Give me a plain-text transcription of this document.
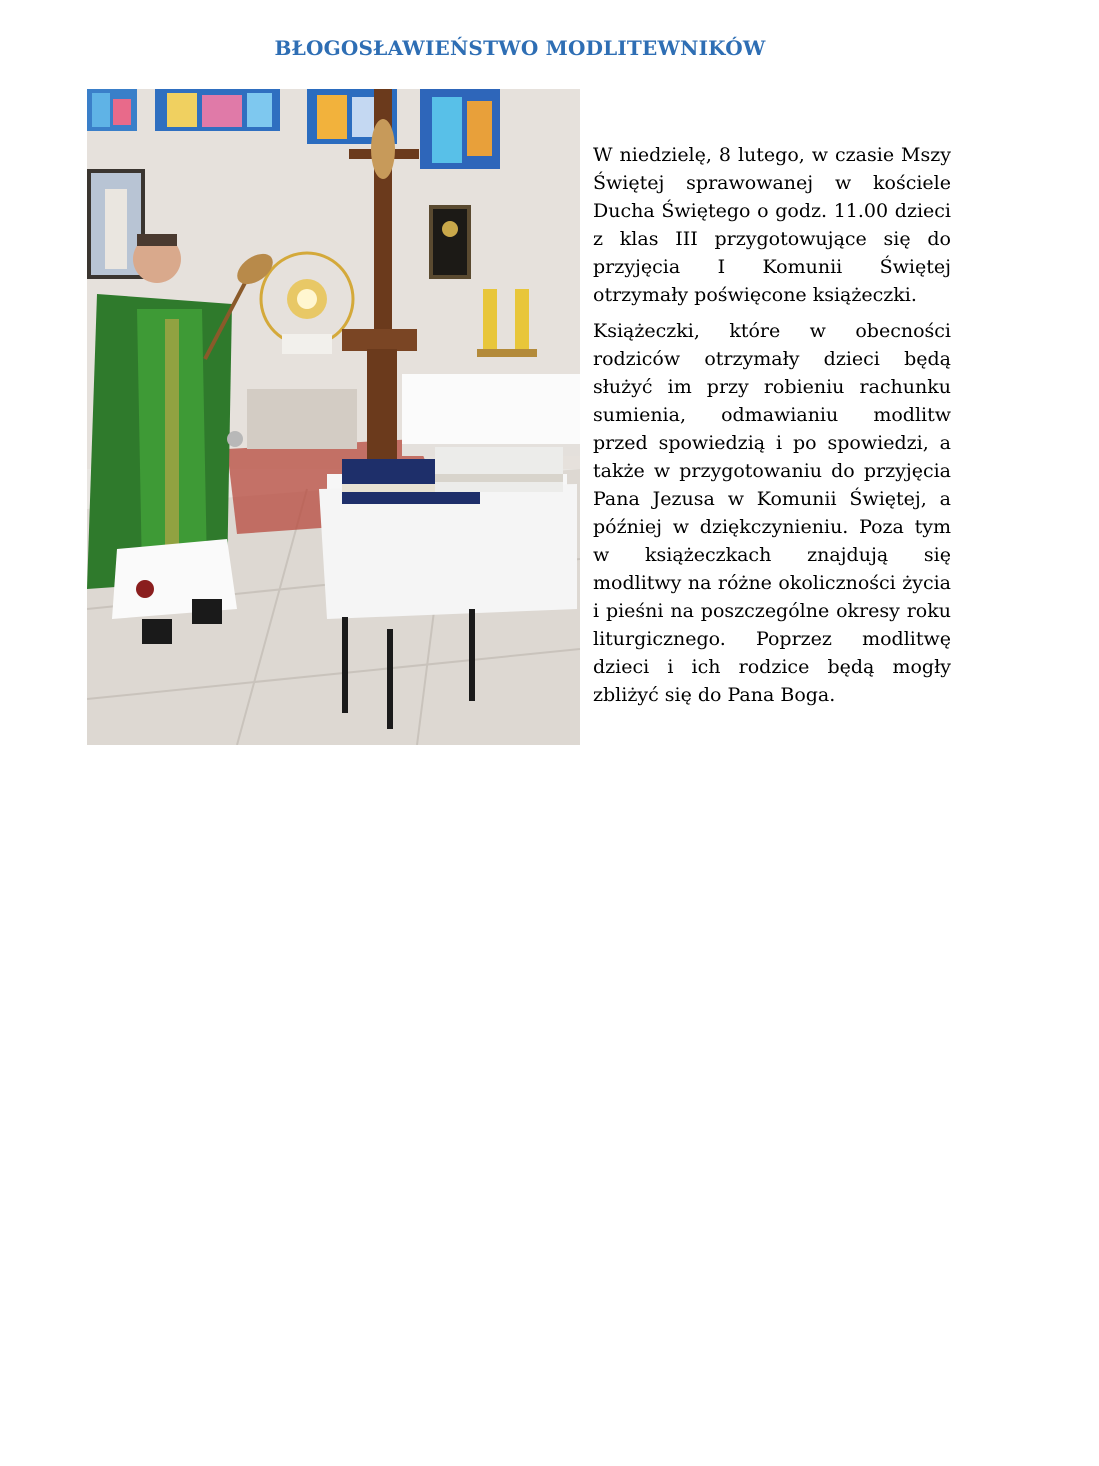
BŁOGOSŁAWIEŃSTWO MODLITEWNIKÓW

W niedzielę, 8 lutego, w czasie Mszy Świętej sprawowanej w kościele Ducha Świętego o godz. 11.00 dzieci z klas III przygotowujące się do przyjęcia I Komunii Świętej otrzymały poświęcone książeczki.

Książeczki, które w obecności rodziców otrzymały dzieci będą służyć im przy robieniu rachunku sumienia, odmawianiu modlitw przed spowiedzią i po spowiedzi, a także w przygotowaniu do przyjęcia Pana Jezusa w Komunii Świętej, a później w dziękczynieniu. Poza tym w książeczkach znajdują się modlitwy na różne okoliczności życia i pieśni na poszczególne okresy roku liturgicznego. Poprzez modlitwę dzieci i ich rodzice będą mogły zbliżyć się do Pana Boga.
